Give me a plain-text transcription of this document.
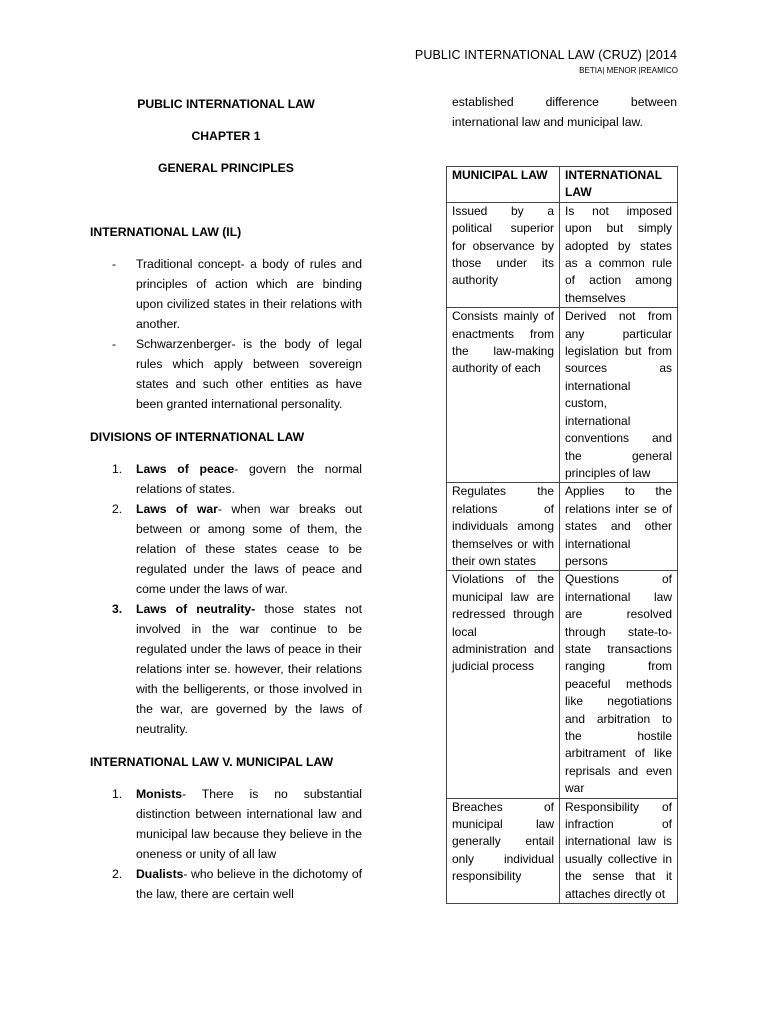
PUBLIC INTERNATIONAL LAW (CRUZ) |2014
BETIA| MENOR |REAMICO
PUBLIC INTERNATIONAL LAW
CHAPTER 1
GENERAL PRINCIPLES
INTERNATIONAL LAW (IL)
- Traditional concept- a body of rules and principles of action which are binding upon civilized states in their relations with another.
- Schwarzenberger- is the body of legal rules which apply between sovereign states and such other entities as have been granted international personality.
DIVISIONS OF INTERNATIONAL LAW
1. Laws of peace- govern the normal relations of states.
2. Laws of war- when war breaks out between or among some of them, the relation of these states cease to be regulated under the laws of peace and come under the laws of war.
3. Laws of neutrality- those states not involved in the war continue to be regulated under the laws of peace in their relations inter se. however, their relations with the belligerents, or those involved in the war, are governed by the laws of neutrality.
INTERNATIONAL LAW V. MUNICIPAL LAW
1. Monists- There is no substantial distinction between international law and municipal law because they believe in the oneness or unity of all law
2. Dualists- who believe in the dichotomy of the law, there are certain well
established difference between international law and municipal law.
MUNICIPAL LAW	INTERNATIONAL LAW
Issued by a political superior for observance by those under its authority	Is not imposed upon but simply adopted by states as a common rule of action among themselves
Consists mainly of enactments from the law-making authority of each	Derived not from any particular legislation but from sources as international custom, international conventions and the general principles of law
Regulates the relations of individuals among themselves or with their own states	Applies to the relations inter se of states and other international persons
Violations of the municipal law are redressed through local administration and judicial process	Questions of international law are resolved through state-to-state transactions ranging from peaceful methods like negotiations and arbitration to the hostile arbitrament of like reprisals and even war
Breaches of municipal law generally entail only individual responsibility	Responsibility of infraction of international law is usually collective in the sense that it attaches directly ot
